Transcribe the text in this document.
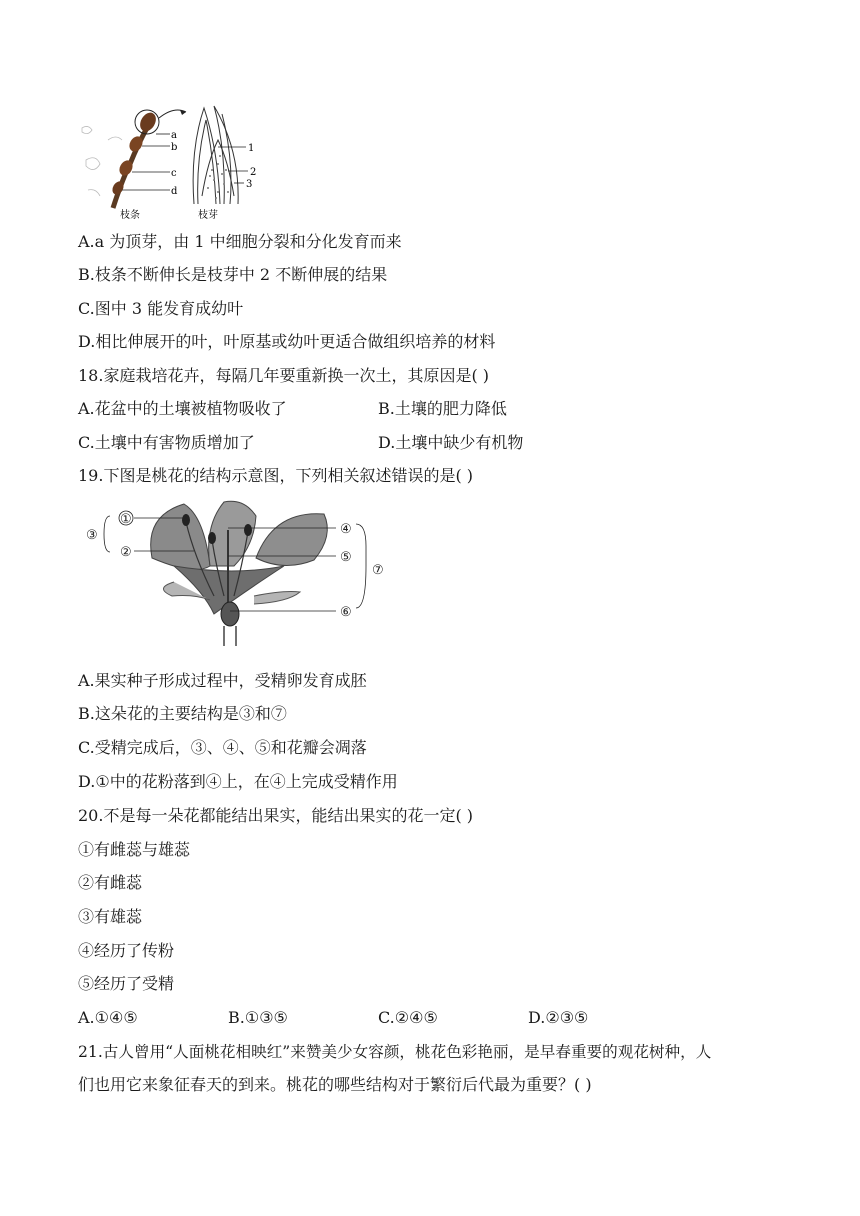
a
b
c
d
1
2
3
枝条	枝芽
A.a 为顶芽，由 1 中细胞分裂和分化发育而来
B.枝条不断伸长是枝芽中 2 不断伸展的结果
C.图中 3 能发育成幼叶
D.相比伸展开的叶，叶原基或幼叶更适合做组织培养的材料
18.家庭栽培花卉，每隔几年要重新换一次土，其原因是( )
A.花盆中的土壤被植物吸收了	B.土壤的肥力降低
C.土壤中有害物质增加了	D.土壤中缺少有机物
19.下图是桃花的结构示意图，下列相关叙述错误的是( )
①
②
③	④
⑤
⑥
⑦
A.果实种子形成过程中，受精卵发育成胚
B.这朵花的主要结构是③和⑦
C.受精完成后，③、④、⑤和花瓣会凋落
D.①中的花粉落到④上，在④上完成受精作用
20.不是每一朵花都能结出果实，能结出果实的花一定( )
①有雌蕊与雄蕊
②有雌蕊
③有雄蕊
④经历了传粉
⑤经历了受精
A.①④⑤	B.①③⑤	C.②④⑤	D.②③⑤
21.古人曾用“人面桃花相映红”来赞美少女容颜，桃花色彩艳丽，是早春重要的观花树种，人
们也用它来象征春天的到来。桃花的哪些结构对于繁衍后代最为重要？( )
